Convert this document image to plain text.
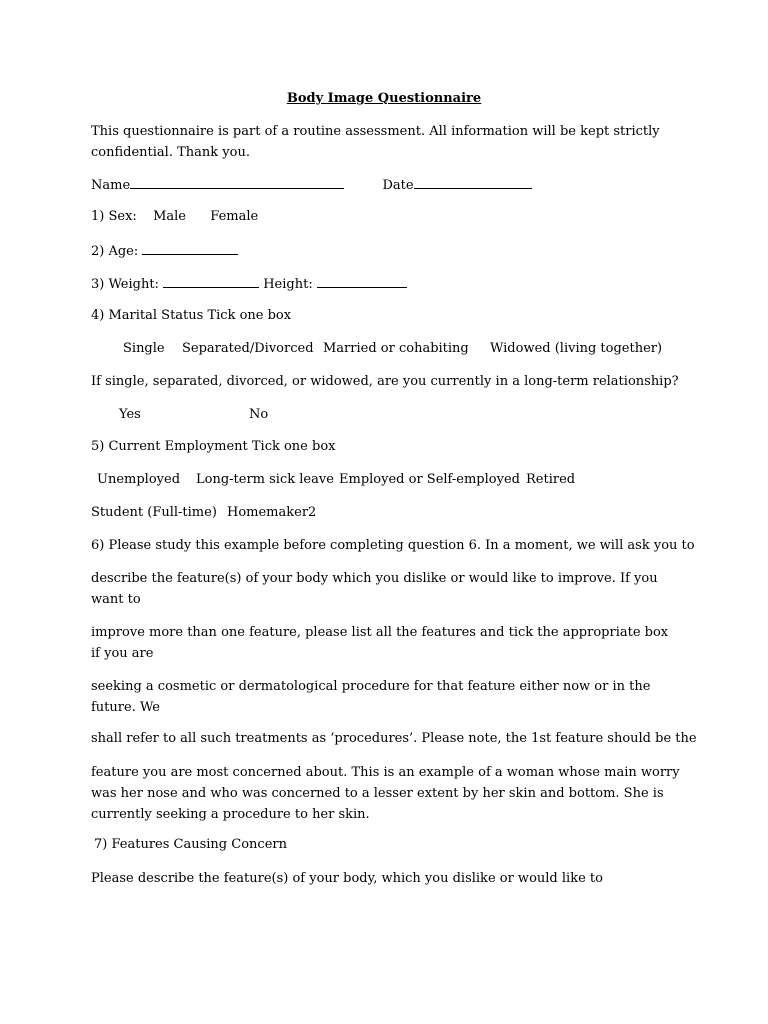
Body Image Questionnaire
This questionnaire is part of a routine assessment. All information will be kept strictly confidential. Thank you.
Name	Date
1) Sex: Male Female
2) Age:
3) Weight:	Height:
4) Marital Status Tick one box
Single Separated/Divorced Married or cohabiting Widowed (living together)
If single, separated, divorced, or widowed, are you currently in a long-term relationship?
Yes	No
5) Current Employment Tick one box
Unemployed Long-term sick leave Employed or Self-employed Retired
Student (Full-time) Homemaker2
6) Please study this example before completing question 6. In a moment, we will ask you to
describe the feature(s) of your body which you dislike or would like to improve. If you want to
improve more than one feature, please list all the features and tick the appropriate box if you are
seeking a cosmetic or dermatological procedure for that feature either now or in the future. We
shall refer to all such treatments as ‘procedures’. Please note, the 1st feature should be the
feature you are most concerned about. This is an example of a woman whose main worry was her nose and who was concerned to a lesser extent by her skin and bottom. She is currently seeking a procedure to her skin.
7) Features Causing Concern
Please describe the feature(s) of your body, which you dislike or would like to
